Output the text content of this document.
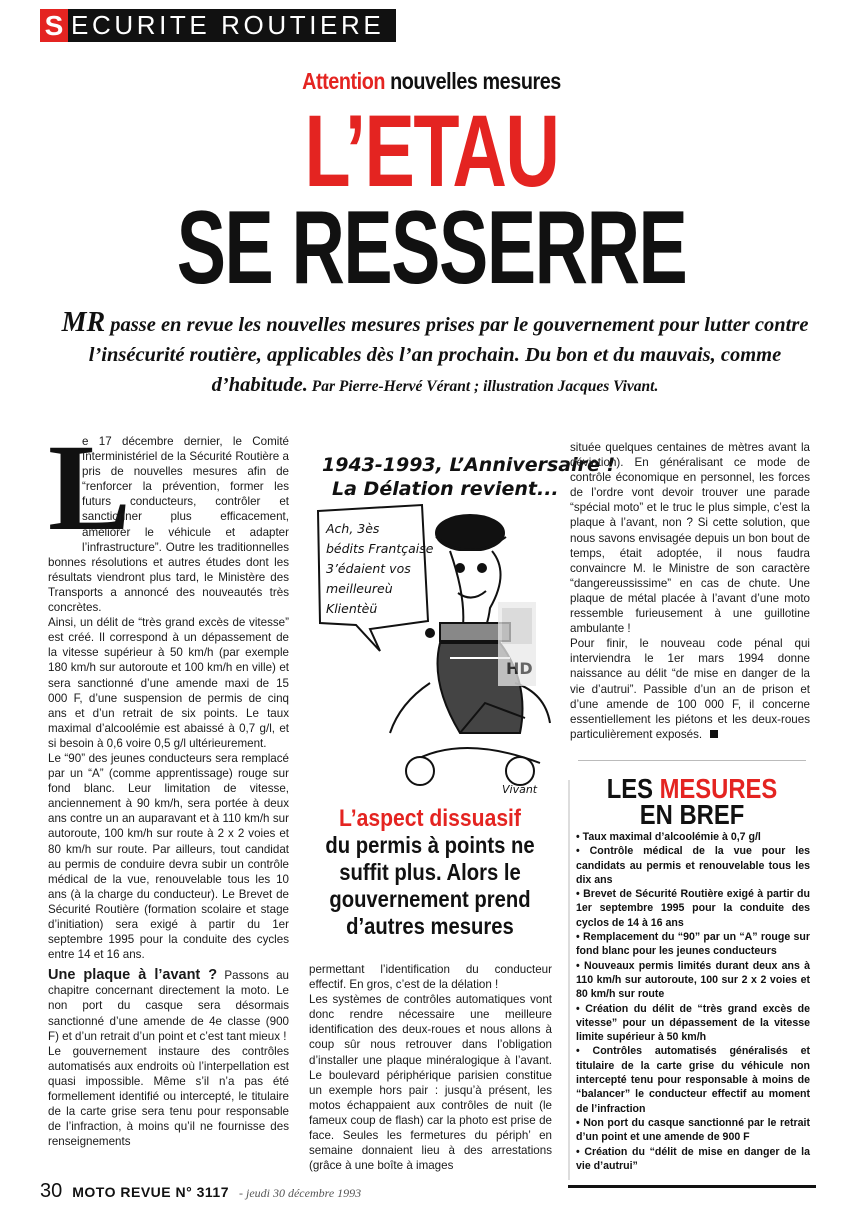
S ECURITE ROUTIERE
Attention nouvelles mesures
L’ETAU
SE RESSERRE
MR passe en revue les nouvelles mesures prises par le gouvernement pour lutter contre l’insécurité routière, applicables dès l’an prochain. Du bon et du mauvais, comme d’habitude. Par Pierre-Hervé Vérant ; illustration Jacques Vivant.
L

e 17 décembre dernier, le Comité Interministériel de la Sécurité Routière a pris de nouvelles mesures afin de “renforcer la prévention, former les futurs conducteurs, contrôler et sanctionner plus efficacement, améliorer le véhicule et adapter l’infrastructure”. Outre les traditionnelles bonnes résolutions et autres études dont les résultats viendront plus tard, le Ministère des Transports a annoncé des nouveautés très concrètes.

Ainsi, un délit de “très grand excès de vitesse” est créé. Il correspond à un dépassement de la vitesse supérieur à 50 km/h (par exemple 180 km/h sur autoroute et 100 km/h en ville) et sera sanctionné d’une amende maxi de 15 000 F, d’une suspension de permis de cinq ans et d’un retrait de six points. Le taux maximal d’alcoolémie est abaissé à 0,7 g/l, et si besoin à 0,6 voire 0,5 g/l ultérieurement.

Le “90” des jeunes conducteurs sera remplacé par un “A” (comme apprentissage) rouge sur fond blanc. Leur limitation de vitesse, anciennement à 90 km/h, sera portée à deux ans contre un an auparavant et à 110 km/h sur autoroute, 100 km/h sur route à 2 x 2 voies et 80 km/h sur route. Par ailleurs, tout candidat au permis de conduire devra subir un contrôle médical de la vue, renouvelable tous les 10 ans (à la charge du conducteur). Le Brevet de Sécurité Routière (formation scolaire et stage d’initiation) sera exigé à partir du 1er septembre 1995 pour la conduite des cycles entre 14 et 16 ans.

Une plaque à l’avant ? Passons au chapitre concernant directement la moto. Le non port du casque sera désormais sanctionné d’une amende de 4e classe (900 F) et d’un retrait d’un point et c’est tant mieux !

Le gouvernement instaure des contrôles automatisés aux endroits où l’interpellation est quasi impossible. Même s’il n’a pas été formellement identifié ou intercepté, le titulaire de la carte grise sera tenu pour responsable de l’infraction, à moins qu’il ne fournisse des renseignements

1943-1993, L’Anniversaire !
La Délation revient...
Ach, 3ès
bédits Frantçaise
3’édaient vos
meilleureù
Klientèü
Vivant
HD
L’aspect dissuasif
du permis à points ne
suffit plus. Alors le
gouvernement prend
d’autres mesures

permettant l’identification du conducteur effectif. En gros, c’est de la délation !

Les systèmes de contrôles automatiques vont donc rendre nécessaire une meilleure identification des deux-roues et nous allons à coup sûr nous retrouver dans l’obligation d’installer une plaque minéralogique à l’avant. Le boulevard périphérique parisien constitue un exemple hors pair : jusqu’à présent, les motos échappaient aux contrôles de nuit (le fameux coup de flash) car la photo est prise de face. Seules les fermetures du périph’ en semaine donnaient lieu à des arrestations (grâce à une boîte à images

située quelques centaines de mètres avant la déviation). En généralisant ce mode de contrôle économique en personnel, les forces de l’ordre vont devoir trouver une parade “spécial moto” et le truc le plus simple, c’est la plaque à l’avant, non ? Si cette solution, que nous savons envisagée depuis un bon bout de temps, était adoptée, il nous faudra convaincre M. le Ministre de son caractère “dangereussissime” en cas de chute. Une plaque de métal placée à l’avant d’une moto ressemble furieusement à une guillotine ambulante !

Pour finir, le nouveau code pénal qui interviendra le 1er mars 1994 donne naissance au délit “de mise en danger de la vie d’autrui”. Passible d’un an de prison et d’une amende de 100 000 F, il concerne essentiellement les piétons et les deux-roues particulièrement exposés.

LES MESURES
EN BREF
• Taux maximal d’alcoolémie à 0,7 g/l
• Contrôle médical de la vue pour les candidats au permis et renouvelable tous les dix ans
• Brevet de Sécurité Routière exigé à partir du 1er septembre 1995 pour la conduite des cyclos de 14 à 16 ans
• Remplacement du “90” par un “A” rouge sur fond blanc pour les jeunes conducteurs
• Nouveaux permis limités durant deux ans à 110 km/h sur autoroute, 100 sur 2 x 2 voies et 80 km/h sur route
• Création du délit de “très grand excès de vitesse” pour un dépassement de la vitesse limite supérieur à 50 km/h
• Contrôles automatisés généralisés et titulaire de la carte grise du véhicule non intercepté tenu pour responsable à moins de “balancer” le conducteur effectif au moment de l’infraction
• Non port du casque sanctionné par le retrait d’un point et une amende de 900 F
• Création du “délit de mise en danger de la vie d’autrui”
30 MOTO REVUE N° 3117 - jeudi 30 décembre 1993
